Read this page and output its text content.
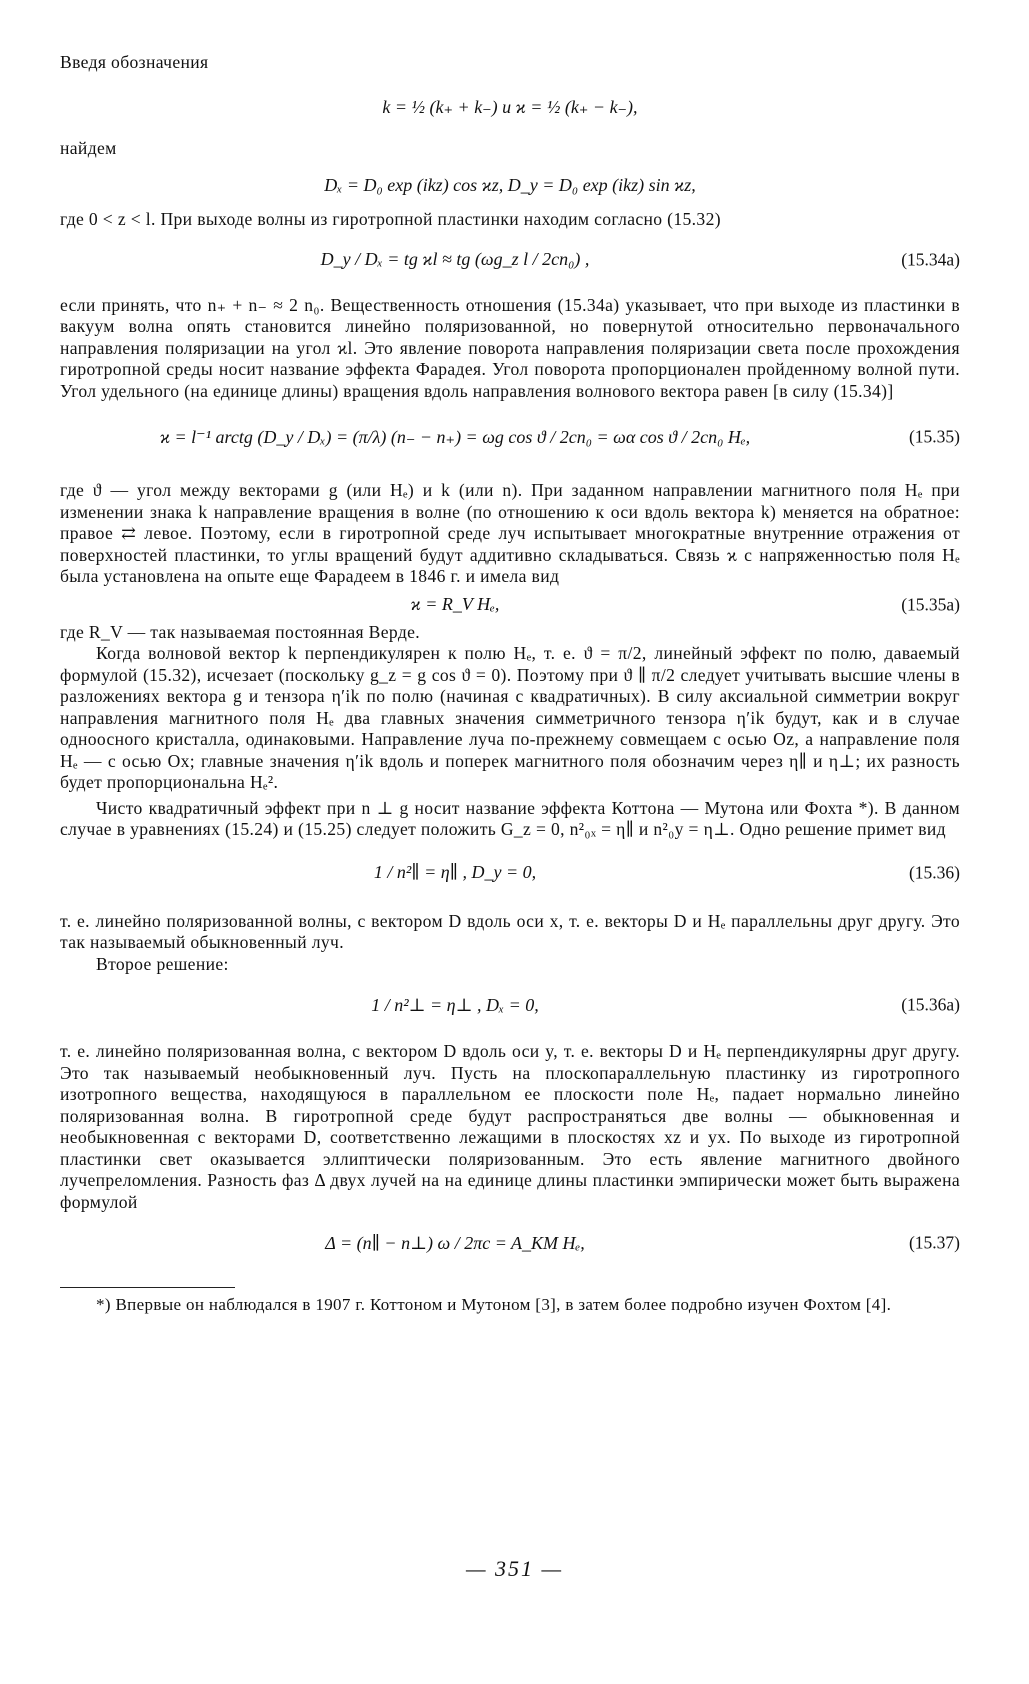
Введя обозначения

k = ½ (k₊ + k₋) и ϰ = ½ (k₊ − k₋),

найдем

Dₓ = D₀ exp (ikz) cos ϰz, D_y = D₀ exp (ikz) sin ϰz,

где 0 < z < l. При выходе волны из гиротропной пластинки находим согласно (15.32)

D_y / Dₓ = tg ϰl ≈ tg (ωg_z l / 2cn₀) ,	(15.34а)

если принять, что n₊ + n₋ ≈ 2 n₀. Вещественность отношения (15.34а) указывает, что при выходе из пластинки в вакуум волна опять становится линейно поляризованной, но повернутой относительно первоначального направления поляризации на угол ϰl. Это явление поворота направления поляризации света после прохождения гиротропной среды носит название эффекта Фарадея. Угол поворота пропорционален пройденному волной пути. Угол удельного (на единице длины) вращения вдоль направления волнового вектора равен [в силу (15.34)]

ϰ = l⁻¹ arctg (D_y / Dₓ) = (π/λ) (n₋ − n₊) = ωg cos ϑ / 2cn₀ = ωα cos ϑ / 2cn₀ Hₑ,	(15.35)

где ϑ — угол между векторами g (или Hₑ) и k (или n). При заданном направлении магнитного поля Hₑ при изменении знака k направление вращения в волне (по отношению к оси вдоль вектора k) меняется на обратное: правое ⇄ левое. Поэтому, если в гиротропной среде луч испытывает многократные внутренние отражения от поверхностей пластинки, то углы вращений будут аддитивно складываться. Связь ϰ с напряженностью поля Hₑ была установлена на опыте еще Фарадеем в 1846 г. и имела вид

ϰ = R_V Hₑ,	(15.35а)

где R_V — так называемая постоянная Верде.

Когда волновой вектор k перпендикулярен к полю Hₑ, т. е. ϑ = π/2, линейный эффект по полю, даваемый формулой (15.32), исчезает (поскольку g_z = g cos ϑ = 0). Поэтому при ϑ ∥ π/2 следует учитывать высшие члены в разложениях вектора g и тензора η′ik по полю (начиная с квадратичных). В силу аксиальной симметрии вокруг направления магнитного поля Hₑ два главных значения симметричного тензора η′ik будут, как и в случае одноосного кристалла, одинаковыми. Направление луча по-прежнему совмещаем с осью Oz, а направление поля Hₑ — с осью Ox; главные значения η′ik вдоль и поперек магнитного поля обозначим через η∥ и η⊥; их разность будет пропорциональна Hₑ².

Чисто квадратичный эффект при n ⊥ g носит название эффекта Коттона — Мутона или Фохта *). В данном случае в уравнениях (15.24) и (15.25) следует положить G_z = 0, n²₀ₓ = η∥ и n²₀y = η⊥. Одно решение примет вид

1 / n²∥ = η∥ , D_y = 0,	(15.36)

т. е. линейно поляризованной волны, с вектором D вдоль оси x, т. е. векторы D и Hₑ параллельны друг другу. Это так называемый обыкновенный луч.

Второе решение:

1 / n²⊥ = η⊥ , Dₓ = 0,	(15.36а)

т. е. линейно поляризованная волна, с вектором D вдоль оси y, т. е. векторы D и Hₑ перпендикулярны друг другу. Это так называемый необыкновенный луч. Пусть на плоскопараллельную пластинку из гиротропного изотропного вещества, находящуюся в параллельном ее плоскости поле Hₑ, падает нормально линейно поляризованная волна. В гиротропной среде будут распространяться две волны — обыкновенная и необыкновенная с векторами D, соответственно лежащими в плоскостях xz и yx. По выходе из гиротропной пластинки свет оказывается эллиптически поляризованным. Это есть явление магнитного двойного лучепреломления. Разность фаз Δ двух лучей на на единице длины пластинки эмпирически может быть выражена формулой

Δ = (n∥ − n⊥) ω / 2πc = A_KM Hₑ,	(15.37)

*) Впервые он наблюдался в 1907 г. Коттоном и Мутоном [3], в затем более подробно изучен Фохтом [4].

— 351 —
